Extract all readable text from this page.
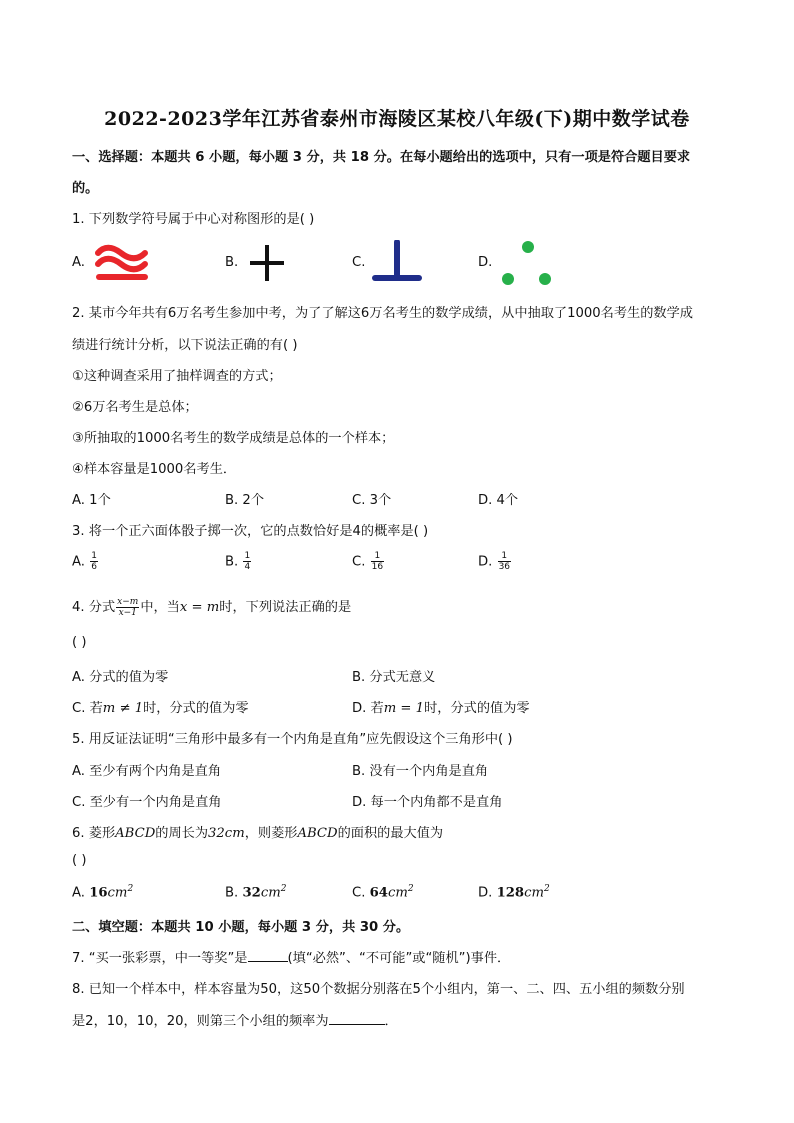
2022-2023学年江苏省泰州市海陵区某校八年级(下)期中数学试卷
一、选择题：本题共 6 小题，每小题 3 分，共 18 分。在每小题给出的选项中，只有一项是符合题目要求
的。
1. 下列数学符号属于中心对称图形的是( )
A.	B.	C.	D.
2. 某市今年共有6万名考生参加中考，为了了解这6万名考生的数学成绩，从中抽取了1000名考生的数学成
绩进行统计分析，以下说法正确的有( )
①这种调查采用了抽样调查的方式；
②6万名考生是总体；
③所抽取的1000名考生的数学成绩是总体的一个样本；
④样本容量是1000名考生．
A. 1个	B. 2个	C. 3个	D. 4个
3. 将一个正六面体骰子掷一次，它的点数恰好是4的概率是( )
A. $\frac{1}{6}$	B. $\frac{1}{4}$	C. $\frac{1}{16}$	D. $\frac{1}{36}$
4. 分式 $\frac{x-m}{x-1}$ 中，当x = m时，下列说法正确的是
( )
A. 分式的值为零	B. 分式无意义
C. 若m ≠ 1时，分式的值为零	D. 若m = 1时，分式的值为零
5. 用反证法证明“三角形中最多有一个内角是直角”应先假设这个三角形中( )
A. 至少有两个内角是直角	B. 没有一个内角是直角
C. 至少有一个内角是直角	D. 每一个内角都不是直角
6. 菱形ABCD的周长为32cm，则菱形ABCD的面积的最大值为
( )
A. $16cm^2$	B. $32cm^2$	C. $64cm^2$	D. $128cm^2$
二、填空题：本题共 10 小题，每小题 3 分，共 30 分。
7. “买一张彩票，中一等奖”是	(填“必然”、“不可能”或“随机”)事件．
8. 已知一个样本中，样本容量为50，这50个数据分别落在5个小组内，第一、二、四、五小组的频数分别
是2，10，10，20，则第三个小组的频率为	．
